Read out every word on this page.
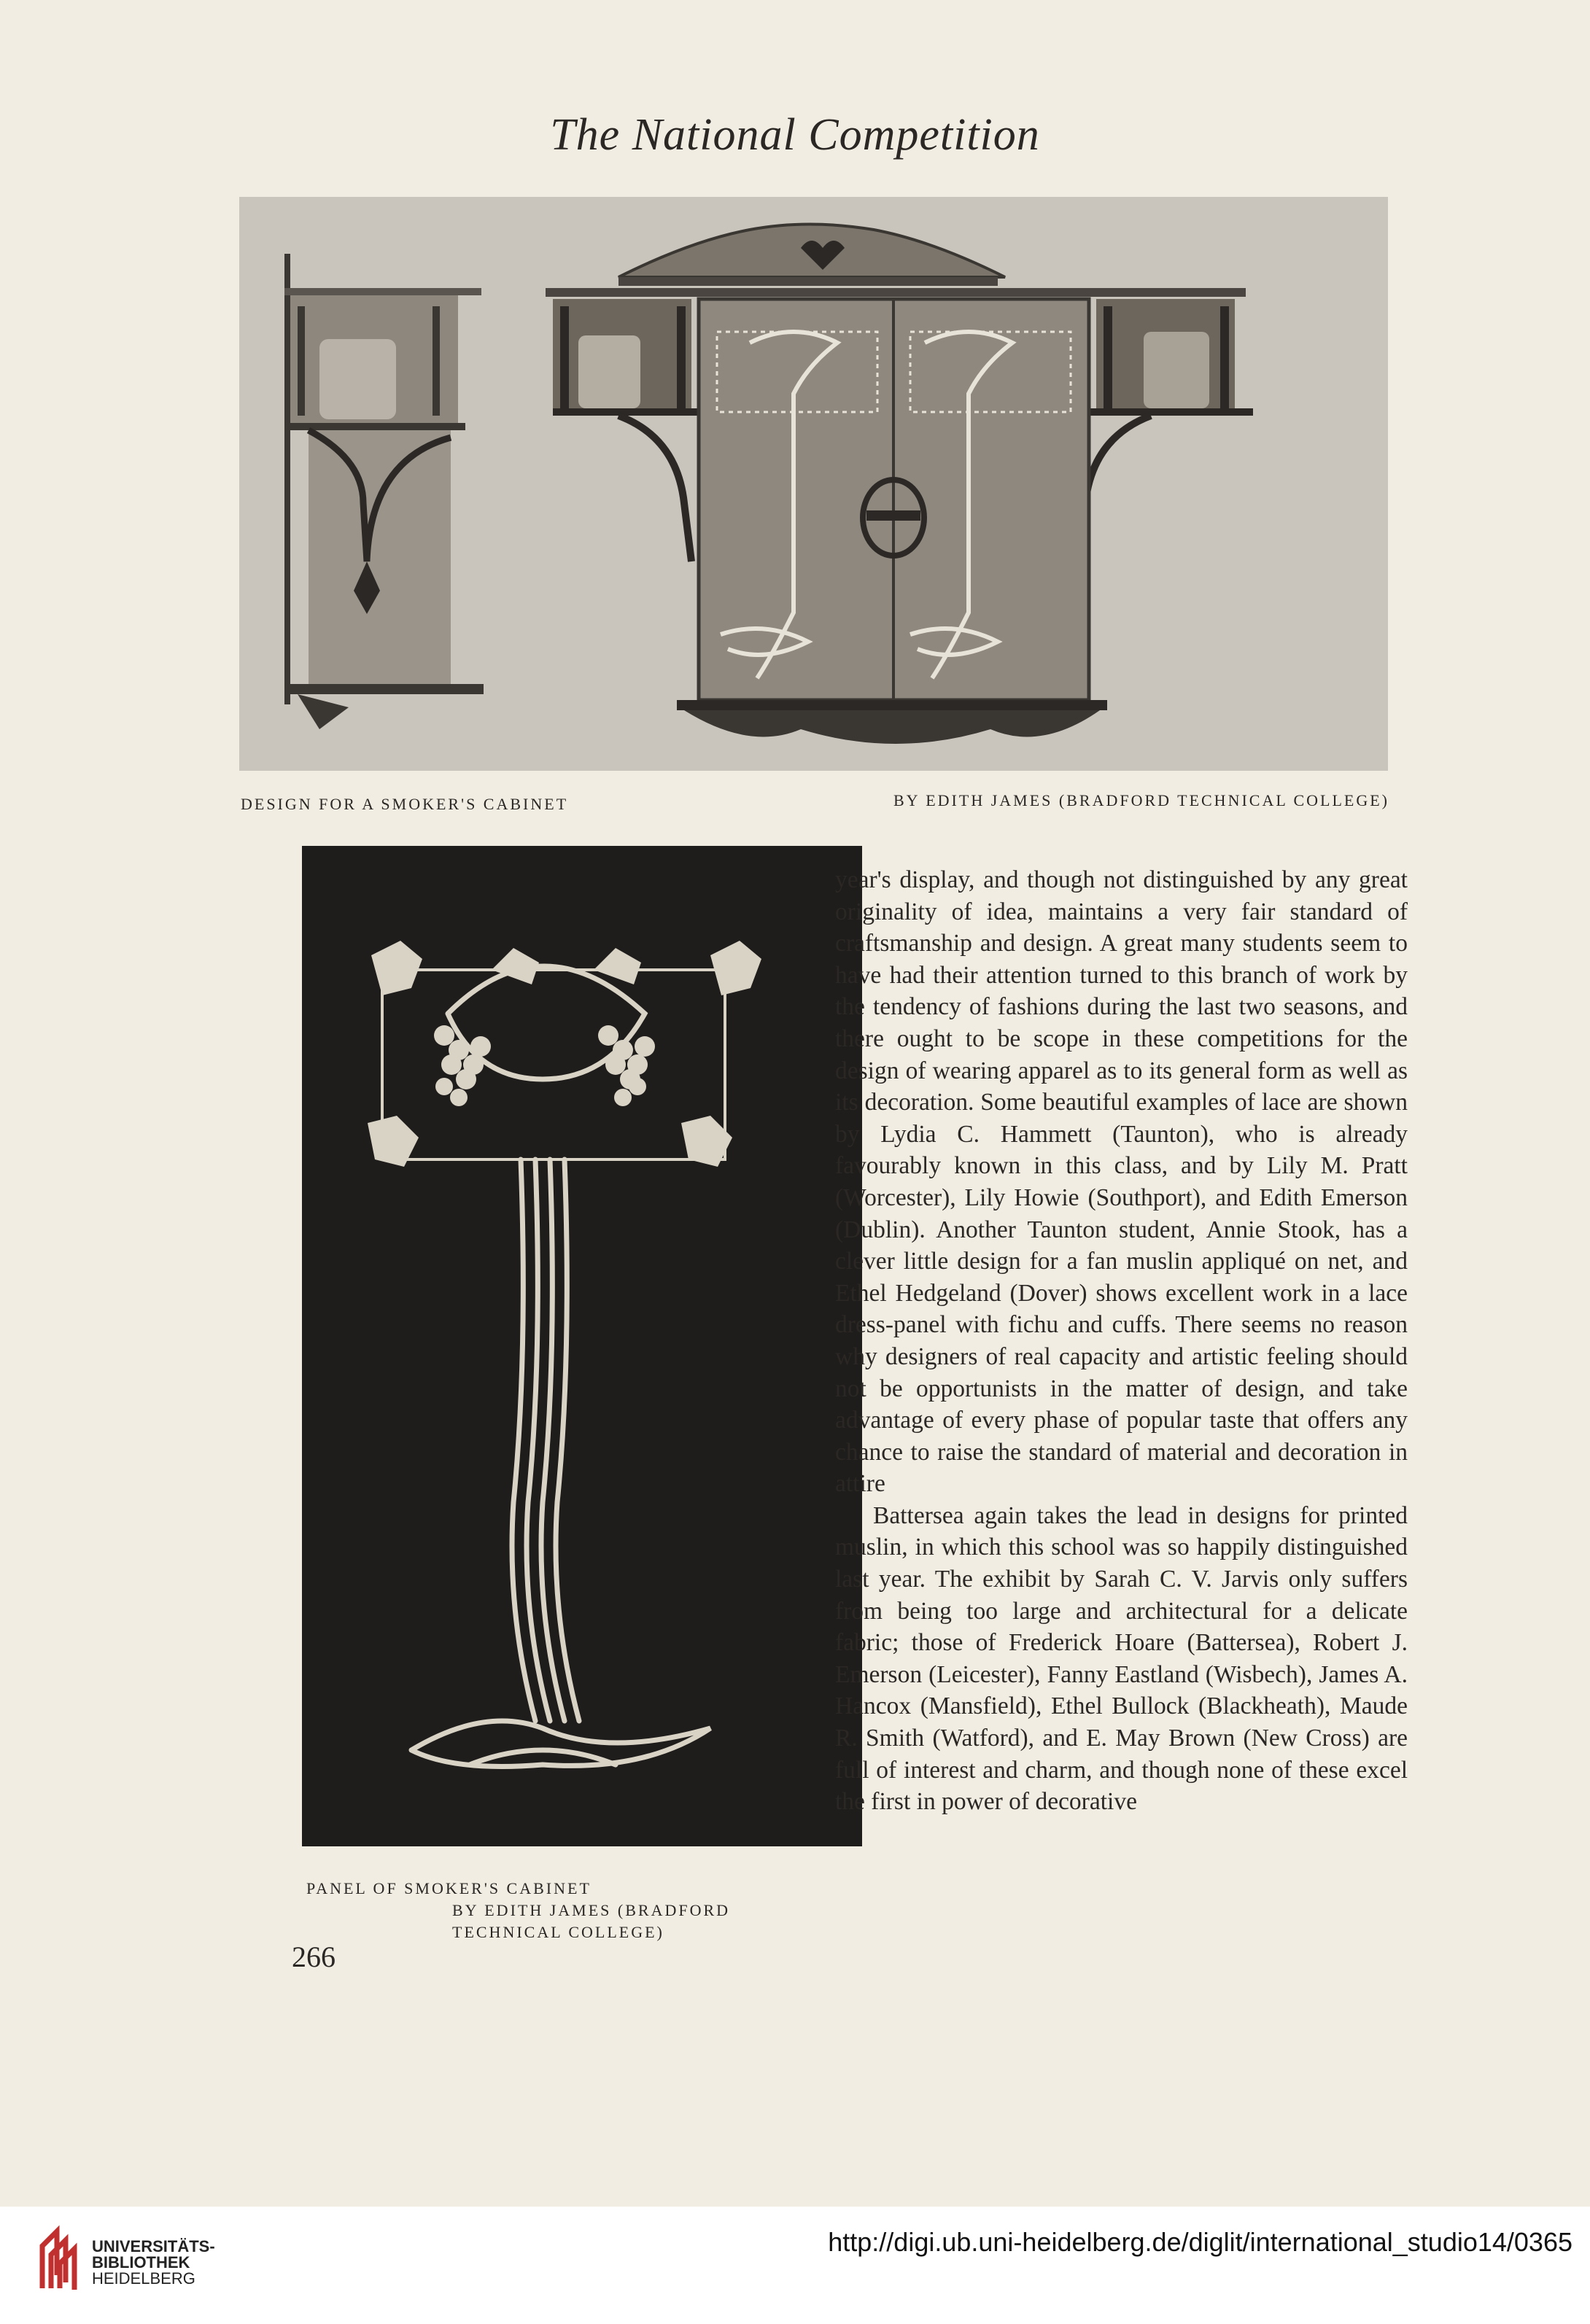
The National Competition
DESIGN FOR A SMOKER'S CABINET	BY EDITH JAMES (BRADFORD TECHNICAL COLLEGE)
PANEL OF SMOKER'S CABINET
BY EDITH JAMES (BRADFORD
TECHNICAL COLLEGE)

year's display, and though not distinguished by any great originality of idea, maintains a very fair standard of craftsmanship and design. A great many students seem to have had their attention turned to this branch of work by the tendency of fashions during the last two seasons, and there ought to be scope in these competitions for the design of wearing apparel as to its general form as well as its decoration. Some beautiful examples of lace are shown by Lydia C. Hammett (Taunton), who is already favourably known in this class, and by Lily M. Pratt (Worcester), Lily Howie (Southport), and Edith Emerson (Dublin). Another Taunton student, Annie Stook, has a clever little design for a fan muslin appliqué on net, and Ethel Hedgeland (Dover) shows excellent work in a lace dress-panel with fichu and cuffs. There seems no reason why designers of real capacity and artistic feeling should not be opportunists in the matter of design, and take advantage of every phase of popular taste that offers any chance to raise the standard of material and decoration in attire

Battersea again takes the lead in designs for printed muslin, in which this school was so happily distinguished last year. The exhibit by Sarah C. V. Jarvis only suffers from being too large and architectural for a delicate fabric; those of Frederick Hoare (Battersea), Robert J. Emerson (Leicester), Fanny Eastland (Wisbech), James A. Hancox (Mansfield), Ethel Bullock (Blackheath), Maude R. Smith (Watford), and E. May Brown (New Cross) are full of interest and charm, and though none of these excel the first in power of decorative

266
UNIVERSITÄTS-
BIBLIOTHEK
HEIDELBERG
http://digi.ub.uni-heidelberg.de/diglit/international_studio14/0365
